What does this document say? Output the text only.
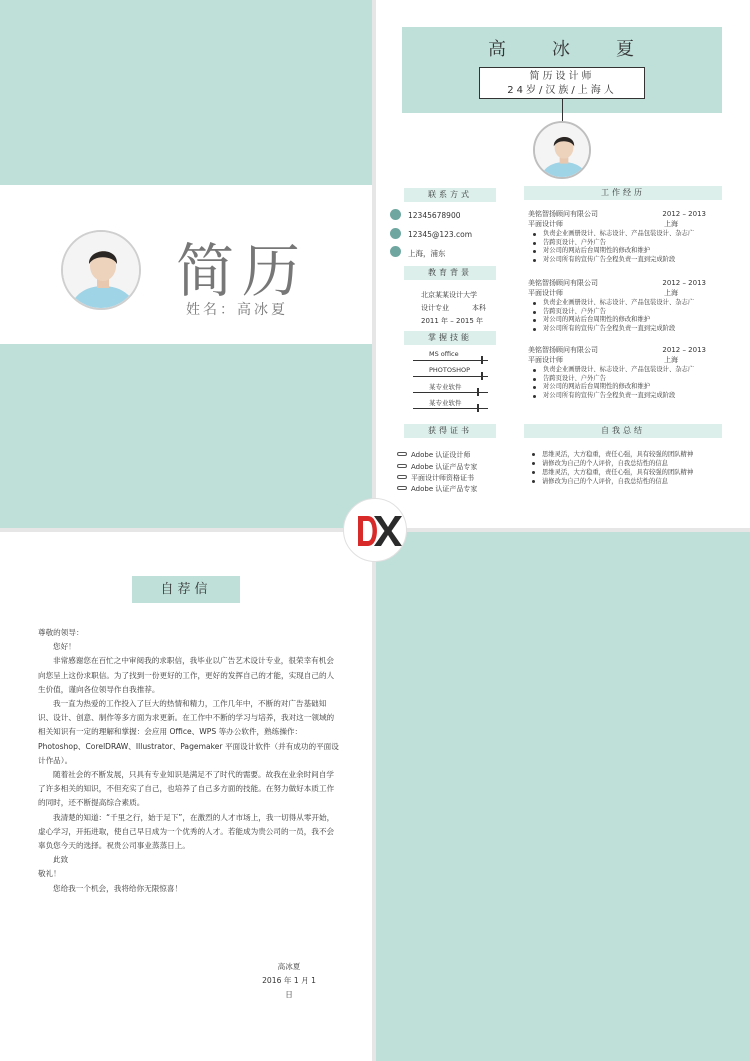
简历
姓名：高冰夏
高	冰	夏
简历设计师
24岁/汉族/上海人
联系方式
12345678900
12345@123.com
上海，浦东
教育背景
北京某某设计大学
设计专业	本科
2011 年 – 2015 年
掌握技能
MS office
PHOTOSHOP
某专业软件
某专业软件
获得证书
Adobe 认证设计师
Adobe 认证产品专家
平面设计师资格证书
Adobe 认证产品专家
工作经历
美铭智扬顾问有限公司	2012 – 2013
平面设计师	上海
负责企业画册设计、标志设计、产品包装设计、杂志广
告跨页设计、户外广告
对公司的网站后台周期性的修改和维护
对公司所有的宣传广告全程负责一直到完成阶段
美铭智扬顾问有限公司	2012 – 2013
平面设计师	上海
负责企业画册设计、标志设计、产品包装设计、杂志广
告跨页设计、户外广告
对公司的网站后台周期性的修改和维护
对公司所有的宣传广告全程负责一直到完成阶段
美铭智扬顾问有限公司	2012 – 2013
平面设计师	上海
负责企业画册设计、标志设计、产品包装设计、杂志广
告跨页设计、户外广告
对公司的网站后台周期性的修改和维护
对公司所有的宣传广告全程负责一直到完成阶段
自我总结
思维灵活，大方稳重，责任心强，具有较强的团队精神
请修改为自己的个人评价，自我总结性的信息
思维灵活，大方稳重，责任心强，具有较强的团队精神
请修改为自己的个人评价，自我总结性的信息
自荐信

尊敬的领导：

您好！

非常感谢您在百忙之中审阅我的求职信，我毕业以广告艺术设计专业，很荣幸有机会向您呈上这份求职信。为了找到一份更好的工作，更好的发挥自己的才能，实现自己的人生价值，谨向各位领导作自我推荐。

我一直为热爱的工作投入了巨大的热情和精力，工作几年中，不断的对广告基础知识、设计、创意、制作等多方面为求更新。在工作中不断的学习与培养，我对这一领域的相关知识有一定的理解和掌握：会应用 Office、WPS 等办公软件，熟练操作：Photoshop、CorelDRAW、Illustrator、Pagemaker 平面设计软件（并有成功的平面设计作品）。

随着社会的不断发展，只具有专业知识是满足不了时代的需要。故我在业余时间自学了许多相关的知识，不但充实了自己，也培养了自己多方面的技能。在努力做好本质工作的同时，还不断提高综合素质。

我清楚的知道：“千里之行，始于足下”，在激烈的人才市场上，我一切得从零开始，虚心学习，开拓进取，使自己早日成为一个优秀的人才。若能成为贵公司的一员，我不会辜负您今天的选择。祝贵公司事业蒸蒸日上。

此致

敬礼！

您给我一个机会，我将给你无限惊喜！

高冰夏
2016 年 1 月 1 日
